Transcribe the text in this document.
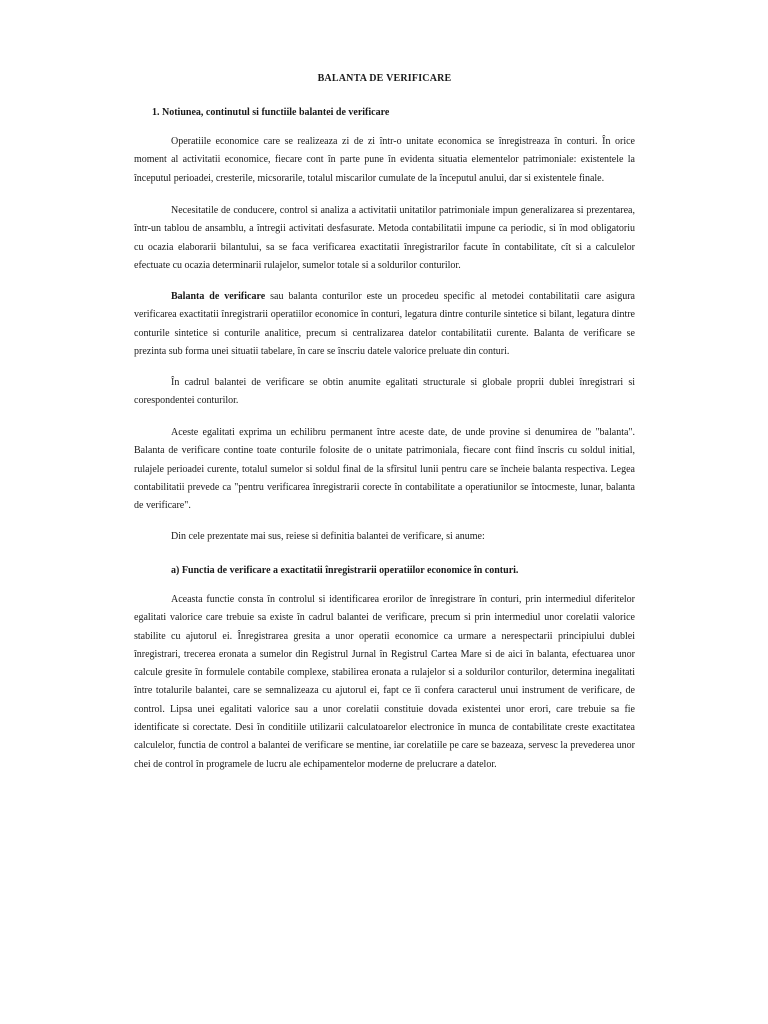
BALANTA DE VERIFICARE
1. Notiunea, continutul si functiile balantei de verificare

Operatiile economice care se realizeaza zi de zi într-o unitate economica se înregistreaza în conturi. În orice moment al activitatii economice, fiecare cont în parte pune în evidenta situatia elementelor patrimoniale: existentele la începutul perioadei, cresterile, micsorarile, totalul miscarilor cumulate de la începutul anului, dar si existentele finale.

Necesitatile de conducere, control si analiza a activitatii unitatilor patrimoniale impun generalizarea si prezentarea, într-un tablou de ansamblu, a întregii activitati desfasurate. Metoda contabilitatii impune ca periodic, si în mod obligatoriu cu ocazia elaborarii bilantului, sa se faca verificarea exactitatii înregistrarilor facute în contabilitate, cît si a calculelor efectuate cu ocazia determinarii rulajelor, sumelor totale si a soldurilor conturilor.

Balanta de verificare sau balanta conturilor este un procedeu specific al metodei contabilitatii care asigura verificarea exactitatii înregistrarii operatiilor economice în conturi, legatura dintre conturile sintetice si bilant, legatura dintre conturile sintetice si conturile analitice, precum si centralizarea datelor contabilitatii curente. Balanta de verificare se prezinta sub forma unei situatii tabelare, în care se înscriu datele valorice preluate din conturi.

În cadrul balantei de verificare se obtin anumite egalitati structurale si globale proprii dublei înregistrari si corespondentei conturilor.

Aceste egalitati exprima un echilibru permanent între aceste date, de unde provine si denumirea de "balanta". Balanta de verificare contine toate conturile folosite de o unitate patrimoniala, fiecare cont fiind înscris cu soldul initial, rulajele perioadei curente, totalul sumelor si soldul final de la sfîrsitul lunii pentru care se încheie balanta respectiva. Legea contabilitatii prevede ca "pentru verificarea înregistrarii corecte în contabilitate a operatiunilor se întocmeste, lunar, balanta de verificare".

Din cele prezentate mai sus, reiese si definitia balantei de verificare, si anume:

a) Functia de verificare a exactitatii înregistrarii operatiilor economice în conturi.

Aceasta functie consta în controlul si identificarea erorilor de înregistrare în conturi, prin intermediul diferitelor egalitati valorice care trebuie sa existe în cadrul balantei de verificare, precum si prin intermediul unor corelatii valorice stabilite cu ajutorul ei. Înregistrarea gresita a unor operatii economice ca urmare a nerespectarii principiului dublei înregistrari, trecerea eronata a sumelor din Registrul Jurnal în Registrul Cartea Mare si de aici în balanta, efectuarea unor calcule gresite în formulele contabile complexe, stabilirea eronata a rulajelor si a soldurilor conturilor, determina inegalitati între totalurile balantei, care se semnalizeaza cu ajutorul ei, fapt ce îi confera caracterul unui instrument de verificare, de control. Lipsa unei egalitati valorice sau a unor corelatii constituie dovada existentei unor erori, care trebuie sa fie identificate si corectate. Desi în conditiile utilizarii calculatoarelor electronice în munca de contabilitate creste exactitatea calculelor, functia de control a balantei de verificare se mentine, iar corelatiile pe care se bazeaza, servesc la prevederea unor chei de control în programele de lucru ale echipamentelor moderne de prelucrare a datelor.
